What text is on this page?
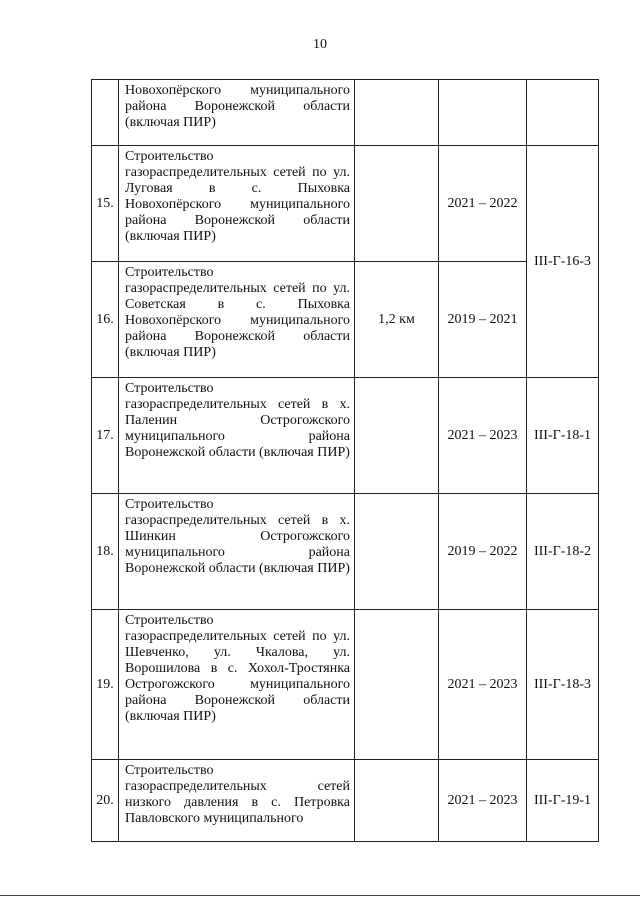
10
	Новохопёрского муниципального района Воронежской области (включая ПИР)			
15.	Строительство газораспределительных сетей по ул. Луговая в с. Пыховка Новохопёрского муниципального района Воронежской области (включая ПИР)		2021 – 2022	III-Г-16-3
16.	Строительство газораспределительных сетей по ул. Советская в с. Пыховка Новохопёрского муниципального района Воронежской области (включая ПИР)	1,2 км	2019 – 2021	
17.	Строительство газораспределительных сетей в х. Паленин Острогожского муниципального района Воронежской области (включая ПИР)		2021 – 2023	III-Г-18-1
18.	Строительство газораспределительных сетей в х. Шинкин Острогожского муниципального района Воронежской области (включая ПИР)		2019 – 2022	III-Г-18-2
19.	Строительство газораспределительных сетей по ул. Шевченко, ул. Чкалова, ул. Ворошилова в с. Хохол-Тростянка Острогожского муниципального района Воронежской области (включая ПИР)		2021 – 2023	III-Г-18-3
20.	Строительство газораспределительных сетей низкого давления в с. Петровка Павловского муниципального		2021 – 2023	III-Г-19-1
